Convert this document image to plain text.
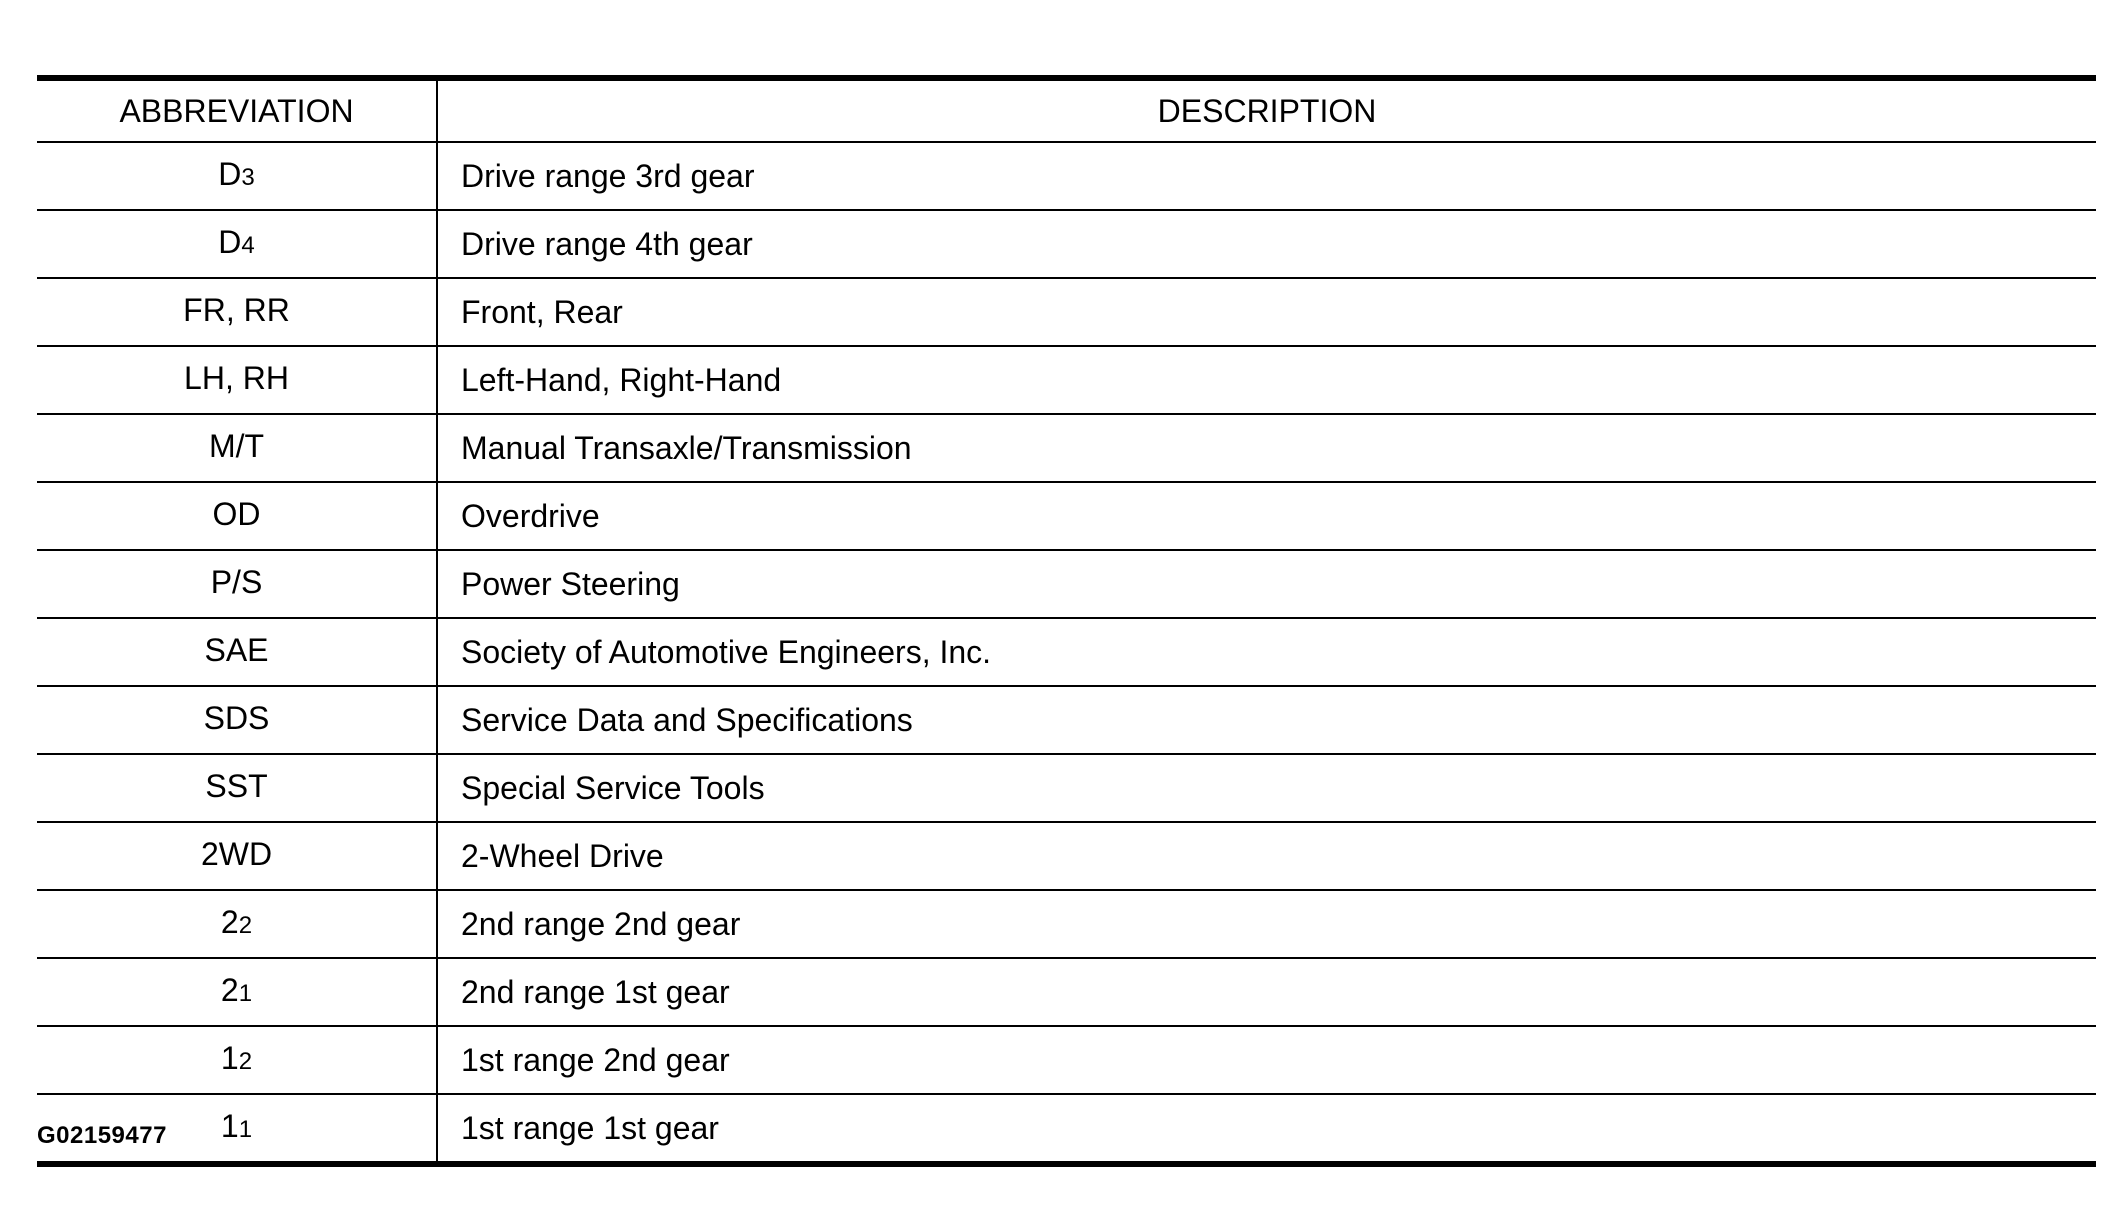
ABBREVIATION	DESCRIPTION
D3	Drive range 3rd gear
D4	Drive range 4th gear
FR, RR	Front, Rear
LH, RH	Left-Hand, Right-Hand
M/T	Manual Transaxle/Transmission
OD	Overdrive
P/S	Power Steering
SAE	Society of Automotive Engineers, Inc.
SDS	Service Data and Specifications
SST	Special Service Tools
2WD	2-Wheel Drive
22	2nd range 2nd gear
21	2nd range 1st gear
12	1st range 2nd gear
11	1st range 1st gear
G02159477
